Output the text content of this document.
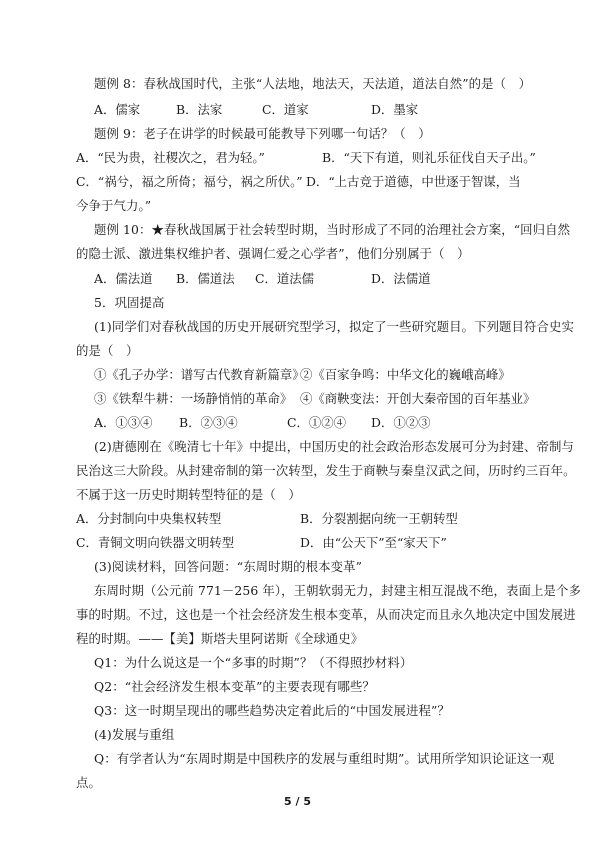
题例 8：春秋战国时代，主张“人法地，地法天，天法道，道法自然”的是（　）
A．儒家	B．法家	C．道家	D．墨家
题例 9：老子在讲学的时候最可能教导下列哪一句话？（　）
A．“民为贵，社稷次之，君为轻。”	B．“天下有道，则礼乐征伐自天子出。”
C．“祸兮，福之所倚；福兮，祸之所伏。” D．“上古竞于道德，中世逐于智谋，当
今争于气力。”
题例 10：★春秋战国属于社会转型时期，当时形成了不同的治理社会方案，“回归自然
的隐士派、激进集权维护者、强调仁爱之心学者”，他们分别属于（　）
A．儒法道 B．儒道法 C．道法儒	D．法儒道
5．巩固提高
(1)同学们对春秋战国的历史开展研究型学习，拟定了一些研究题目。下列题目符合史实
的是（　）
①《孔子办学：谱写古代教育新篇章》
②《百家争鸣：中华文化的巍峨高峰》
③《铁犁牛耕：一场静悄悄的革命》 ④《商鞅变法：开创大秦帝国的百年基业》
A．①③④ B．②③④	C．①②④ D．①②③
(2)唐德刚在《晚清七十年》中提出，中国历史的社会政治形态发展可分为封建、帝制与
民治这三大阶段。从封建帝制的第一次转型，发生于商鞅与秦皇汉武之间，历时约三百年。
不属于这一历史时期转型特征的是（　）
A．分封制向中央集权转型	B．分裂割据向统一王朝转型
C．青铜文明向铁器文明转型	D．由“公天下”至“家天下”
(3)阅读材料，回答问题：“东周时期的根本变革”
东周时期（公元前 771－256 年），王朝软弱无力，封建主相互混战不绝，表面上是个多
事的时期。不过，这也是一个社会经济发生根本变革，从而决定而且永久地决定中国发展进
程的时期。——【美】斯塔夫里阿诺斯《全球通史》
Q1：为什么说这是一个“多事的时期”？（不得照抄材料）
Q2：“社会经济发生根本变革”的主要表现有哪些？
Q3：这一时期呈现出的哪些趋势决定着此后的“中国发展进程”？
(4)发展与重组
Q：有学者认为“东周时期是中国秩序的发展与重组时期”。试用所学知识论证这一观
点。
5 / 5
